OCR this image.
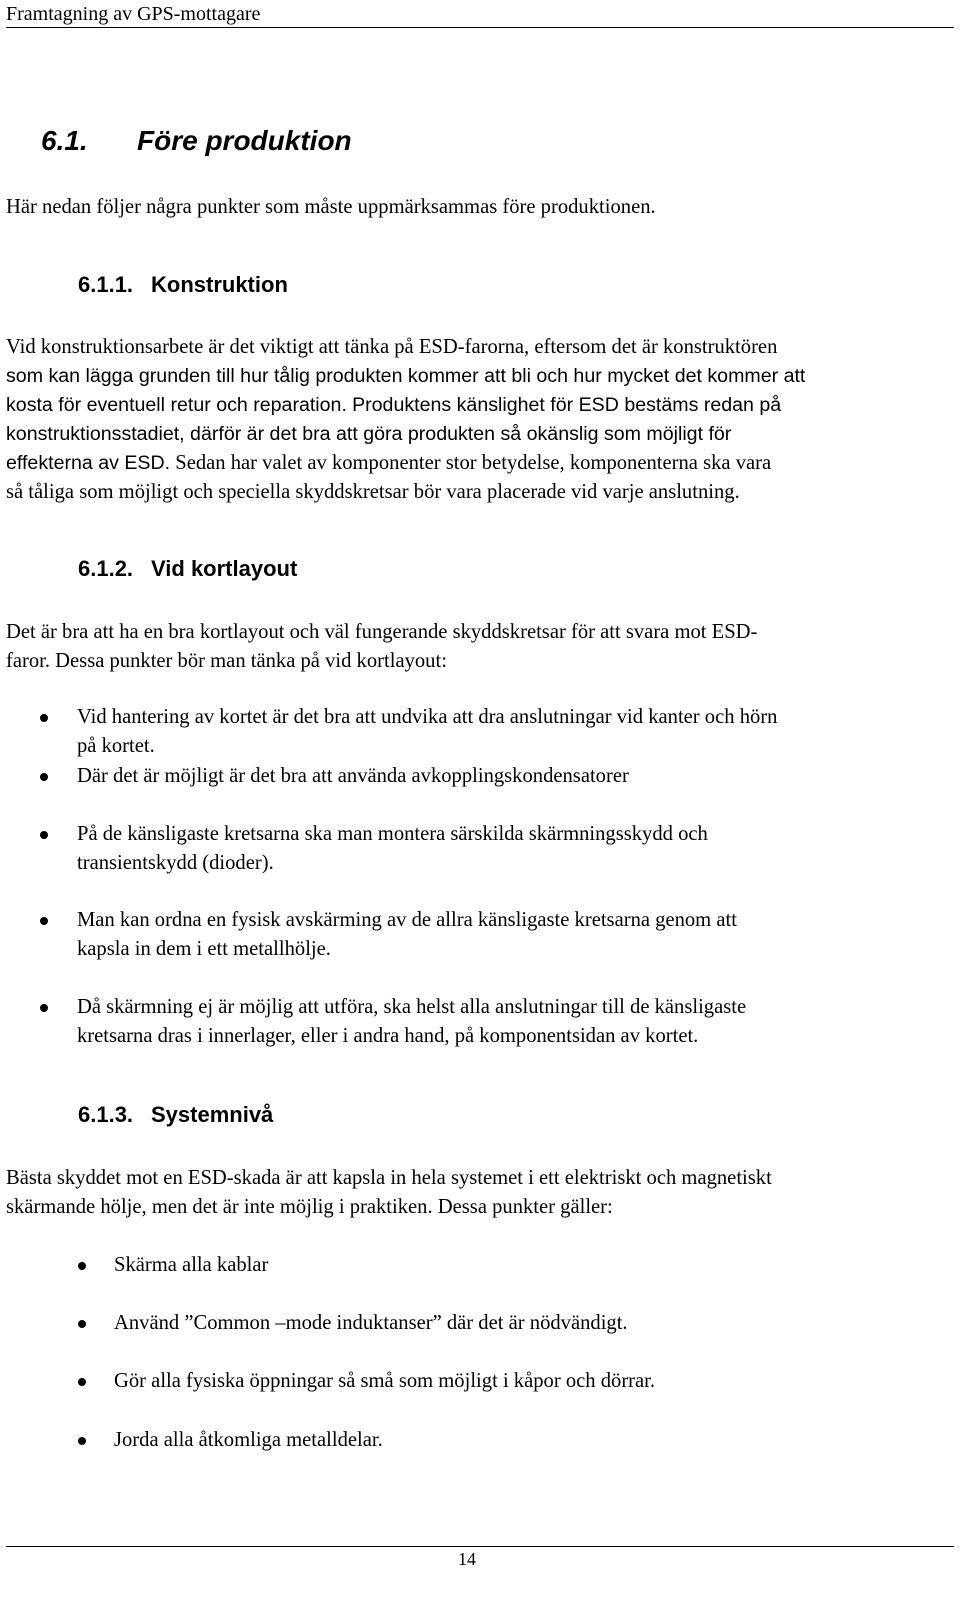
Framtagning av GPS-mottagare
6.1. Före produktion
Här nedan följer några punkter som måste uppmärksammas före produktionen.
6.1.1. Konstruktion
Vid konstruktionsarbete är det viktigt att tänka på ESD-farorna, eftersom det är konstruktören
som kan lägga grunden till hur tålig produkten kommer att bli och hur mycket det kommer att
kosta för eventuell retur och reparation. Produktens känslighet för ESD bestäms redan på
konstruktionsstadiet, därför är det bra att göra produkten så okänslig som möjligt för
effekterna av ESD. Sedan har valet av komponenter stor betydelse, komponenterna ska vara
så tåliga som möjligt och speciella skyddskretsar bör vara placerade vid varje anslutning.
6.1.2. Vid kortlayout
Det är bra att ha en bra kortlayout och väl fungerande skyddskretsar för att svara mot ESD-
faror. Dessa punkter bör man tänka på vid kortlayout:
Vid hantering av kortet är det bra att undvika att dra anslutningar vid kanter och hörn
på kortet.
Där det är möjligt är det bra att använda avkopplingskondensatorer
På de känsligaste kretsarna ska man montera särskilda skärmningsskydd och
transientskydd (dioder).
Man kan ordna en fysisk avskärming av de allra känsligaste kretsarna genom att
kapsla in dem i ett metallhölje.
Då skärmning ej är möjlig att utföra, ska helst alla anslutningar till de känsligaste
kretsarna dras i innerlager, eller i andra hand, på komponentsidan av kortet.
6.1.3. Systemnivå
Bästa skyddet mot en ESD-skada är att kapsla in hela systemet i ett elektriskt och magnetiskt
skärmande hölje, men det är inte möjlig i praktiken. Dessa punkter gäller:
Skärma alla kablar
Använd ”Common –mode induktanser” där det är nödvändigt.
Gör alla fysiska öppningar så små som möjligt i kåpor och dörrar.
Jorda alla åtkomliga metalldelar.
14
